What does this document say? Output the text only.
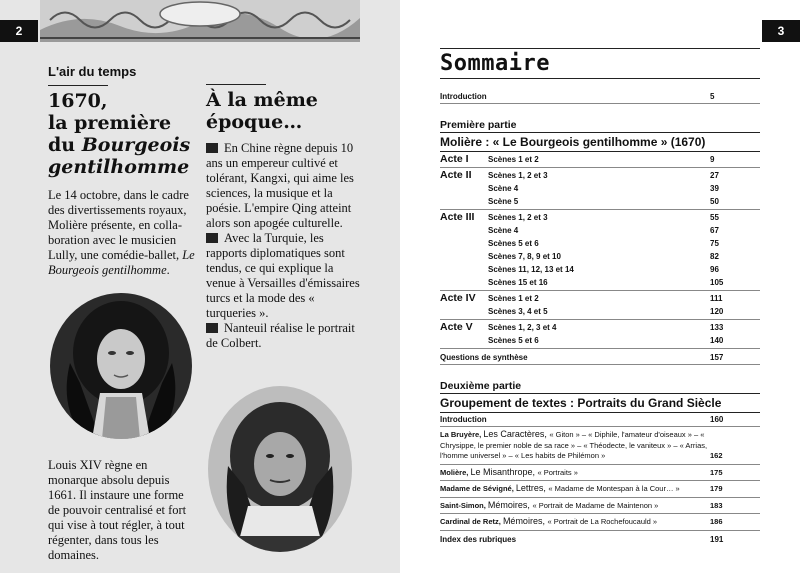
2
L'air du temps
1670,
la première
du Bourgeois
gentilhomme
Le 14 octobre, dans le cadre des divertissements royaux, Molière présente, en collaboration avec le musicien Lully, une comédie-ballet, Le Bourgeois gentilhomme.
Louis XIV règne en monarque absolu depuis 1661. Il instaure une forme de pouvoir centralisé et fort qui vise à tout régler, à tout régenter, dans tous les domaines.
À la même
époque…
En Chine règne depuis 10 ans un empereur cultivé et tolérant, Kangxi, qui aime les sciences, la musique et la poésie. L'empire Qing atteint alors son apogée culturelle.
Avec la Turquie, les rapports diplomatiques sont tendus, ce qui explique la venue à Versailles d'émissaires turcs et la mode des « turqueries ».
Nanteuil réalise le portrait de Colbert.
3
Sommaire
Introduction	5
Première partie
Molière : « Le Bourgeois gentilhomme » (1670)
Acte I	Scènes 1 et 2	9
Acte II	Scènes 1, 2 et 3	27
Scène 4	39
Scène 5	50
Acte III	Scènes 1, 2 et 3	55
Scène 4	67
Scènes 5 et 6	75
Scènes 7, 8, 9 et 10	82
Scènes 11, 12, 13 et 14	96
Scènes 15 et 16	105
Acte IV	Scènes 1 et 2	111
Scènes 3, 4 et 5	120
Acte V	Scènes 1, 2, 3 et 4	133
Scènes 5 et 6	140
Questions de synthèse	157
Deuxième partie
Groupement de textes : Portraits du Grand Siècle
Introduction	160
La Bruyère, Les Caractères, « Giton » – « Diphile, l'amateur d'oiseaux » – « Chrysippe, le premier noble de sa race » – « Théodecte, le vaniteux » – « Arrias, l'homme universel » – « Les habits de Philémon »	162
Molière, Le Misanthrope, « Portraits »	175
Madame de Sévigné, Lettres, « Madame de Montespan à la Cour… »	179
Saint-Simon, Mémoires, « Portrait de Madame de Maintenon »	183
Cardinal de Retz, Mémoires, « Portrait de La Rochefoucauld »	186
Index des rubriques	191
